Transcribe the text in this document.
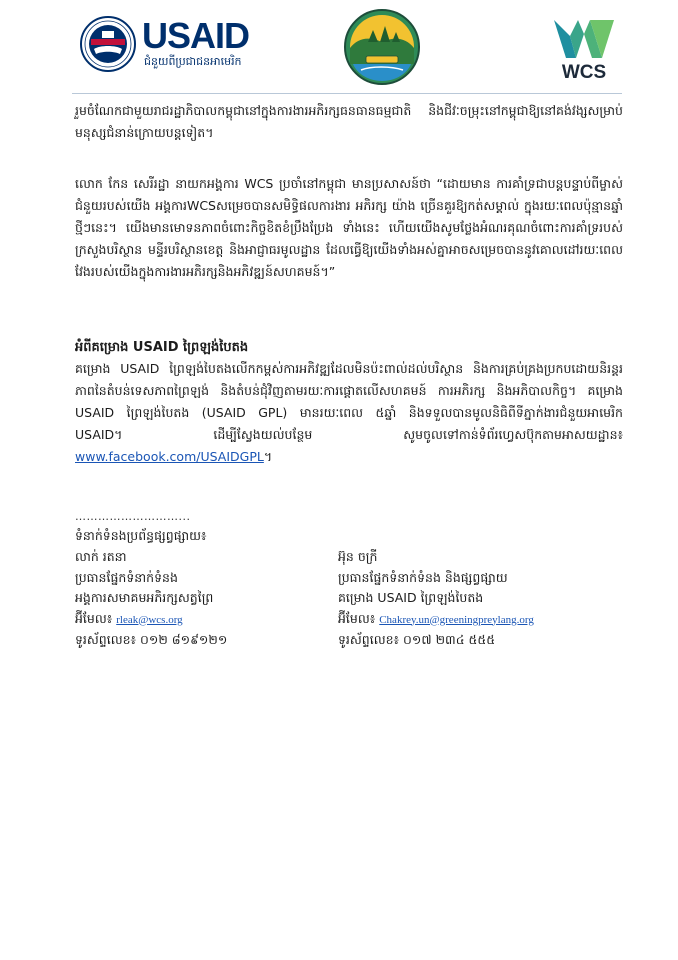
USAID
ជំនួយពីប្រជាជនអាមេរិក
WCS

រួមចំណែកជាមួយរាជរដ្ឋាភិបាលកម្ពុជានៅក្នុងការងារអភិរក្សធនធានធម្មជាតិ និងជីវៈចម្រុះនៅកម្ពុជាឱ្យនៅគង់វង្សសម្រាប់មនុស្សជំនាន់ក្រោយបន្តទៀត។

លោក កែន សេរីរដ្ឋា នាយកអង្គការ WCS ប្រចាំនៅកម្ពុជា មានប្រសាសន៍ថា “ដោយមាន ការគាំទ្រជាបន្តបន្ទាប់ពីម្ចាស់ជំនួយរបស់យើង អង្គការWCSសម្រេចបានសមិទ្ធិផលការងារ អភិរក្ស យ៉ាង ច្រើនគួរឱ្យកត់សម្គាល់ ក្នុងរយៈពេលប៉ុន្មានឆ្នាំថ្មីៗនេះ។ យើងមានមោទនភាពចំពោះកិច្ចខិតខំប្រឹងប្រែង ទាំងនេះ ហើយយើងសូមថ្លែងអំណរគុណចំពោះការគាំទ្ររបស់ ក្រសួងបរិស្ថាន មន្ទីរបរិស្ថានខេត្ត និងអាជ្ញាធរមូលដ្ឋាន ដែលធ្វើឱ្យយើងទាំងអស់គ្នាអាចសម្រេចបាននូវគោលដៅរយៈពេលវែងរបស់យើងក្នុងការងារអភិរក្សនិងអភិវឌ្ឍន៍សហគមន៍។”

អំពីគម្រោង USAID ព្រៃឡង់បៃតង

គម្រោង USAID ព្រៃឡង់បៃតងលើកកម្ពស់ការអភិវឌ្ឍដែលមិនប៉ះពាល់ដល់បរិស្ថាន និងការគ្រប់គ្រងប្រកបដោយនិរន្តរភាពនៃតំបន់ទេសភាពព្រៃឡង់ និងតំបន់ជុំវិញតាមរយៈការផ្តោតលើសហគមន៍ ការអភិរក្ស និងអភិបាលកិច្ច។ គម្រោង USAID ព្រៃឡង់បៃតង (USAID GPL) មានរយៈពេល ៥ឆ្នាំ និងទទួលបានមូលនិធិពីទីភ្នាក់ងារជំនួយអាមេរិក USAID។ ដើម្បីស្វែងយល់បន្ថែម សូមចូលទៅកាន់ទំព័រហ្វេសប៊ុកតាមអាសយដ្ឋាន៖ www.facebook.com/USAIDGPL។

………………………...
ទំនាក់ទំនងប្រព័ន្ធផ្សព្វផ្សាយ៖
លាក់ រតនា
ប្រធានផ្នែកទំនាក់ទំនង
អង្គការសមាគមអភិរក្សសត្វព្រៃ
អ៊ីមែល៖ rleak@wcs.org
ទូរស័ព្ទលេខ៖ ០១២ ៨១៩១២១
អ៊ុន ចក្រី
ប្រធានផ្នែកទំនាក់ទំនង និងផ្សព្វផ្សាយ
គម្រោង USAID ព្រៃឡង់បៃតង
អ៊ីមែល៖ Chakrey.un@greeningpreylang.org
ទូរស័ព្ទលេខ៖ ០១៧ ២៣៤ ៥៥៥
